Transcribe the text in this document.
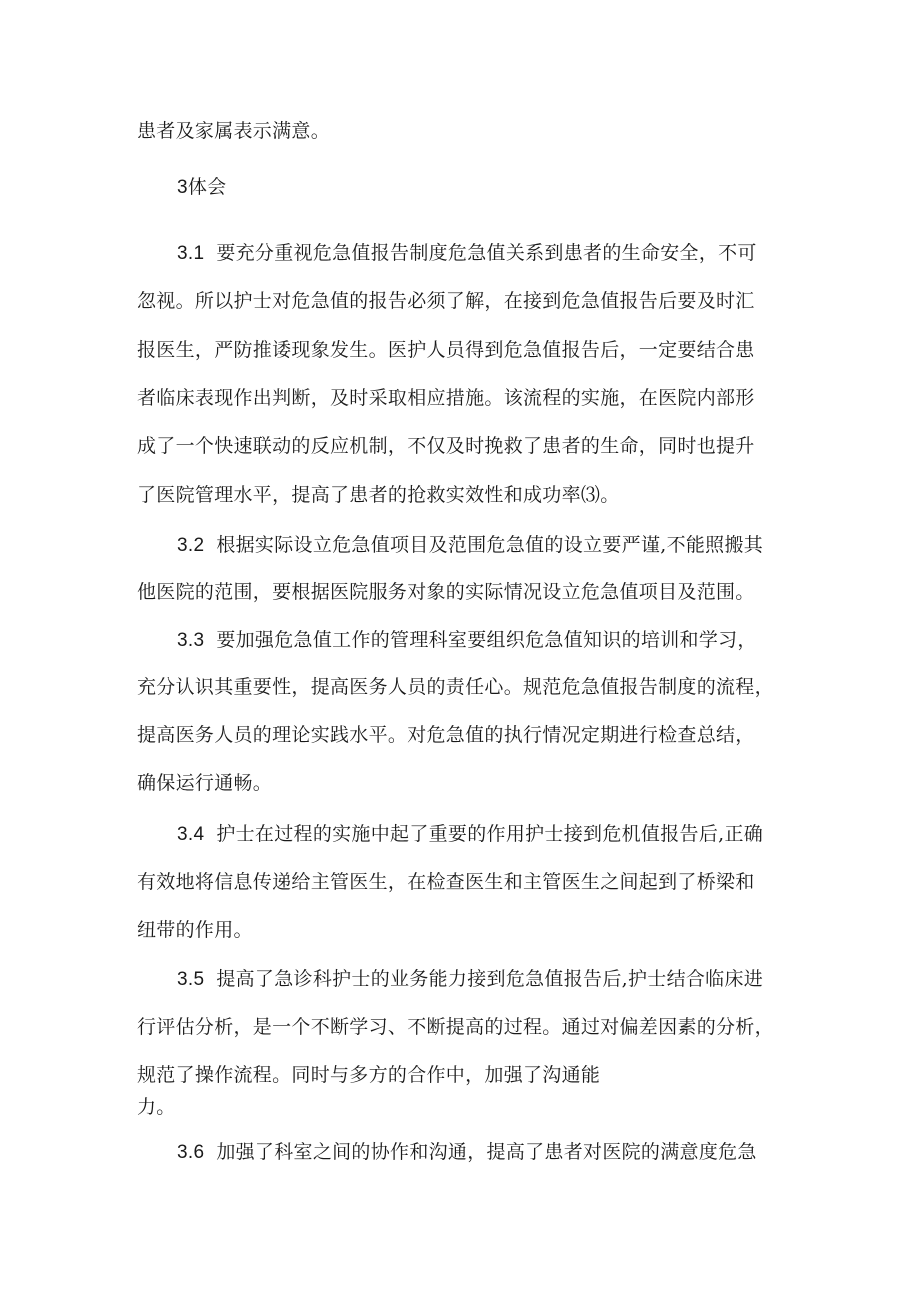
患者及家属表示满意。
3体会
3.1 要充分重视危急值报告制度危急值关系到患者的生命安全，不可
忽视。所以护士对危急值的报告必须了解，在接到危急值报告后要及时汇
报医生，严防推诿现象发生。医护人员得到危急值报告后，一定要结合患
者临床表现作出判断，及时采取相应措施。该流程的实施，在医院内部形
成了一个快速联动的反应机制，不仅及时挽救了患者的生命，同时也提升
了医院管理水平，提高了患者的抢救实效性和成功率⑶。
3.2 根据实际设立危急值项目及范围危急值的设立要严谨,不能照搬其
他医院的范围，要根据医院服务对象的实际情况设立危急值项目及范围。
3.3 要加强危急值工作的管理科室要组织危急值知识的培训和学习，
充分认识其重要性，提高医务人员的责任心。规范危急值报告制度的流程，
提高医务人员的理论实践水平。对危急值的执行情况定期进行检查总结，
确保运行通畅。
3.4 护士在过程的实施中起了重要的作用护士接到危机值报告后,正确
有效地将信息传递给主管医生，在检查医生和主管医生之间起到了桥梁和
纽带的作用。
3.5 提高了急诊科护士的业务能力接到危急值报告后,护士结合临床进
行评估分析，是一个不断学习、不断提高的过程。通过对偏差因素的分析，
规范了操作流程。同时与多方的合作中，加强了沟通能
力。
3.6 加强了科室之间的协作和沟通，提高了患者对医院的满意度危急
